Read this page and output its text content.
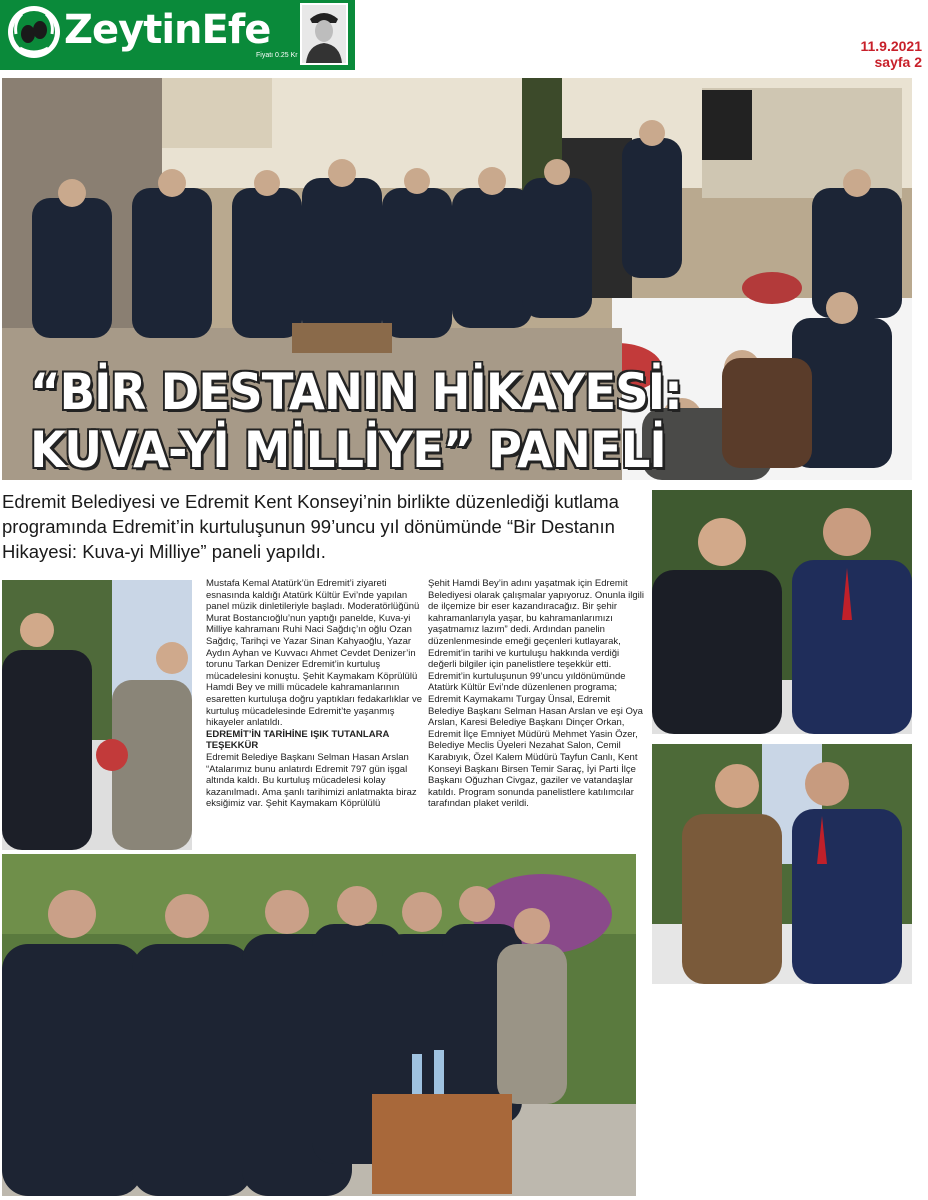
ZeytinEfe
Fiyatı 0.25 Kr
11.9.2021
sayfa 2
“BİR DESTANIN HİKAYESİ:
KUVA-Yİ MİLLİYE” PANELİ
Edremit Belediyesi ve Edremit Kent Konseyi’nin birlikte düzenlediği kutlama programında Edremit’in kurtuluşunun 99’uncu yıl dönümünde “Bir Destanın Hikayesi: Kuva-yi Milliye” paneli yapıldı.

Mustafa Kemal Atatürk’ün Edremit’i ziyareti esnasında kaldığı Atatürk Kültür Evi’nde yapılan panel müzik dinletileriyle başladı. Moderatörlüğünü Murat Bostancıoğlu’nun yaptığı panelde, Kuva-yi Milliye kahramanı Ruhi Naci Sağdıç’ın oğlu Ozan Sağdıç, Tarihçi ve Yazar Sinan Kahyaoğlu, Yazar Aydın Ayhan ve Kuvvacı Ahmet Cevdet Denizer’in torunu Tarkan Denizer Edremit’in kurtuluş mücadelesini konuştu. Şehit Kaymakam Köprülülü Hamdi Bey ve milli mücadele kahramanlarının esaretten kurtuluşa doğru yaptıkları fedakarlıklar ve kurtuluş mücadelesinde Edremit’te yaşanmış hikayeler anlatıldı.

EDREMİT’İN TARİHİNE IŞIK TUTANLARA TEŞEKKÜR

Edremit Belediye Başkanı Selman Hasan Arslan “Atalarımız bunu anlatırdı Edremit 797 gün işgal altında kaldı. Bu kurtuluş mücadelesi kolay kazanılmadı. Ama şanlı tarihimizi anlatmakta biraz eksiğimiz var. Şehit Kaymakam Köprülülü

Şehit Hamdi Bey’in adını yaşatmak için Edremit Belediyesi olarak çalışmalar yapıyoruz. Onunla ilgili de ilçemize bir eser kazandıracağız. Bir şehir kahramanlarıyla yaşar, bu kahramanlarımızı yaşatmamız lazım” dedi. Ardından panelin düzenlenmesinde emeği geçenleri kutlayarak, Edremit’in tarihi ve kurtuluşu hakkında verdiği değerli bilgiler için panelistlere teşekkür etti.

Edremit’in kurtuluşunun 99’uncu yıldönümünde Atatürk Kültür Evi’nde düzenlenen programa; Edremit Kaymakamı Turgay Ünsal, Edremit Belediye Başkanı Selman Hasan Arslan ve eşi Oya Arslan, Karesi Belediye Başkanı Dinçer Orkan, Edremit İlçe Emniyet Müdürü Mehmet Yasin Özer, Belediye Meclis Üyeleri Nezahat Salon, Cemil Karabıyık, Özel Kalem Müdürü Tayfun Canlı, Kent Konseyi Başkanı Birsen Temir Saraç, İyi Parti İlçe Başkanı Oğuzhan Civgaz, gaziler ve vatandaşlar katıldı. Program sonunda panelistlere katılımcılar tarafından plaket verildi.
